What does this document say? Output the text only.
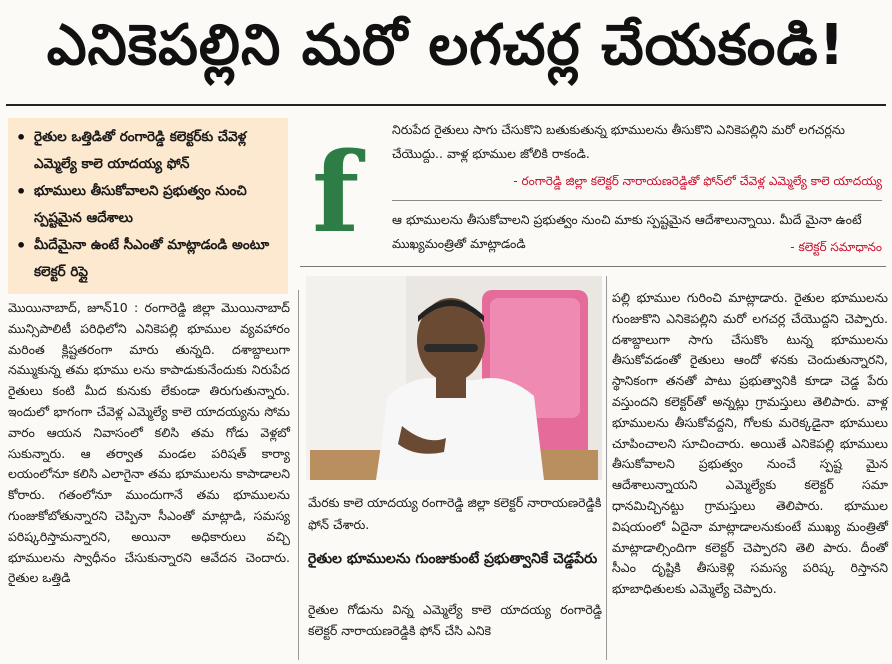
ఎనికెపల్లిని మరో లగచర్ల చేయకండి!
• రైతుల ఒత్తిడితో రంగారెడ్డి కలెక్టర్‌కు చేవెళ్ల ఎమ్మెల్యే కాలె యాదయ్య ఫోన్
• భూములు తీసుకోవాలని ప్రభుత్వం నుంచి స్పష్టమైన ఆదేశాలు
• మీదేమైనా ఉంటే సీఎంతో మాట్లాడండి అంటూ కలెక్టర్ రిప్లై
f	నిరుపేద రైతులు సాగు చేసుకొని బతుకుతున్న భూములను తీసుకొని ఎనికెపల్లిని మరో లగచర్లను చేయొద్దు.. వాళ్ల భూముల జోలికి రాకండి.
- రంగారెడ్డి జిల్లా కలెక్టర్ నారాయణరెడ్డితో ఫోన్‌లో చేవెళ్ల ఎమ్మెల్యే కాలె యాదయ్య
ఆ భూములను తీసుకోవాలని ప్రభుత్వం నుంచి మాకు స్పష్టమైన ఆదేశాలున్నాయి. మీదే మైనా ఉంటే ముఖ్యమంత్రితో మాట్లాడండి	- కలెక్టర్ సమాధానం

మొయినాబాద్, జూన్10 : రంగారెడ్డి జిల్లా మొయినాబాద్ మున్సిపాలిటీ పరిధిలోని ఎనికెపల్లి భూముల వ్యవహారం మరింత క్లిష్టతరంగా మారు తున్నది. దశాబ్దాలుగా నమ్ముకున్న తమ భూము లను కాపాడుకునేందుకు నిరుపేద రైతులు కంటి మీద కునుకు లేకుండా తిరుగుతున్నారు. ఇందులో భాగంగా చేవెళ్ల ఎమ్మెల్యే కాలె యాదయ్యను సోమ వారం ఆయన నివాసంలో కలిసి తమ గోడు వెళ్లబో సుకున్నారు. ఆ తర్వాత మండల పరిషత్ కార్యా లయంలోనూ కలిసి ఎలాగైనా తమ భూములను కాపాడాలని కోరారు. గతంలోనూ ముందుగానే తమ భూములను గుంజుకోబోతున్నారని చెప్పినా సీఎంతో మాట్లాడి, సమస్య పరిష్కరిస్తామన్నారని, అయినా అధికారులు వచ్చి భూములను స్వాధీనం చేసుకున్నారని ఆవేదన చెందారు. రైతుల ఒత్తిడి

మేరకు కాలె యాదయ్య రంగారెడ్డి జిల్లా కలెక్టర్ నారాయణరెడ్డికి ఫోన్ చేశారు.
రైతుల భూములను గుంజుకుంటే ప్రభుత్వానికే చెడ్డపేరు

రైతుల గోడును విన్న ఎమ్మెల్యే కాలె యాదయ్య రంగారెడ్డి కలెక్టర్ నారాయణరెడ్డికి ఫోన్ చేసి ఎనికె

పల్లి భూముల గురించి మాట్లాడారు. రైతుల భూములను గుంజుకొని ఎనికెపల్లిని మరో లగచర్ల చేయొద్దని చెప్పారు. దశాబ్దాలుగా సాగు చేసుకొం టున్న భూములను తీసుకోవడంతో రైతులు ఆందో ళనకు చెందుతున్నారని, స్థానికంగా తనతో పాటు ప్రభుత్వానికి కూడా చెడ్డ పేరు వస్తుందని కలెక్టర్‌తో అన్నట్లు గ్రామస్తులు తెలిపారు. వాళ్ల భూములను తీసుకోవద్దని, గోలకు మరెక్కడైనా భూములు చూపించాలని సూచించారు. అయితే ఎనికెపల్లి భూములు తీసుకోవాలని ప్రభుత్వం నుంచే స్పష్ట మైన ఆదేశాలున్నాయని ఎమ్మెల్యేకు కలెక్టర్ సమా ధానమిచ్చినట్టు గ్రామస్తులు తెలిపారు. భూముల విషయంలో ఏదైనా మాట్లాడాలనుకుంటే ముఖ్య మంత్రితో మాట్లాడాల్సిందిగా కలెక్టర్ చెప్పారని తెలి పారు. దీంతో సీఎం దృష్టికి తీసుకెళ్లి సమస్య పరిష్క రిస్తానని భూబాధితులకు ఎమ్మెల్యే చెప్పారు.
